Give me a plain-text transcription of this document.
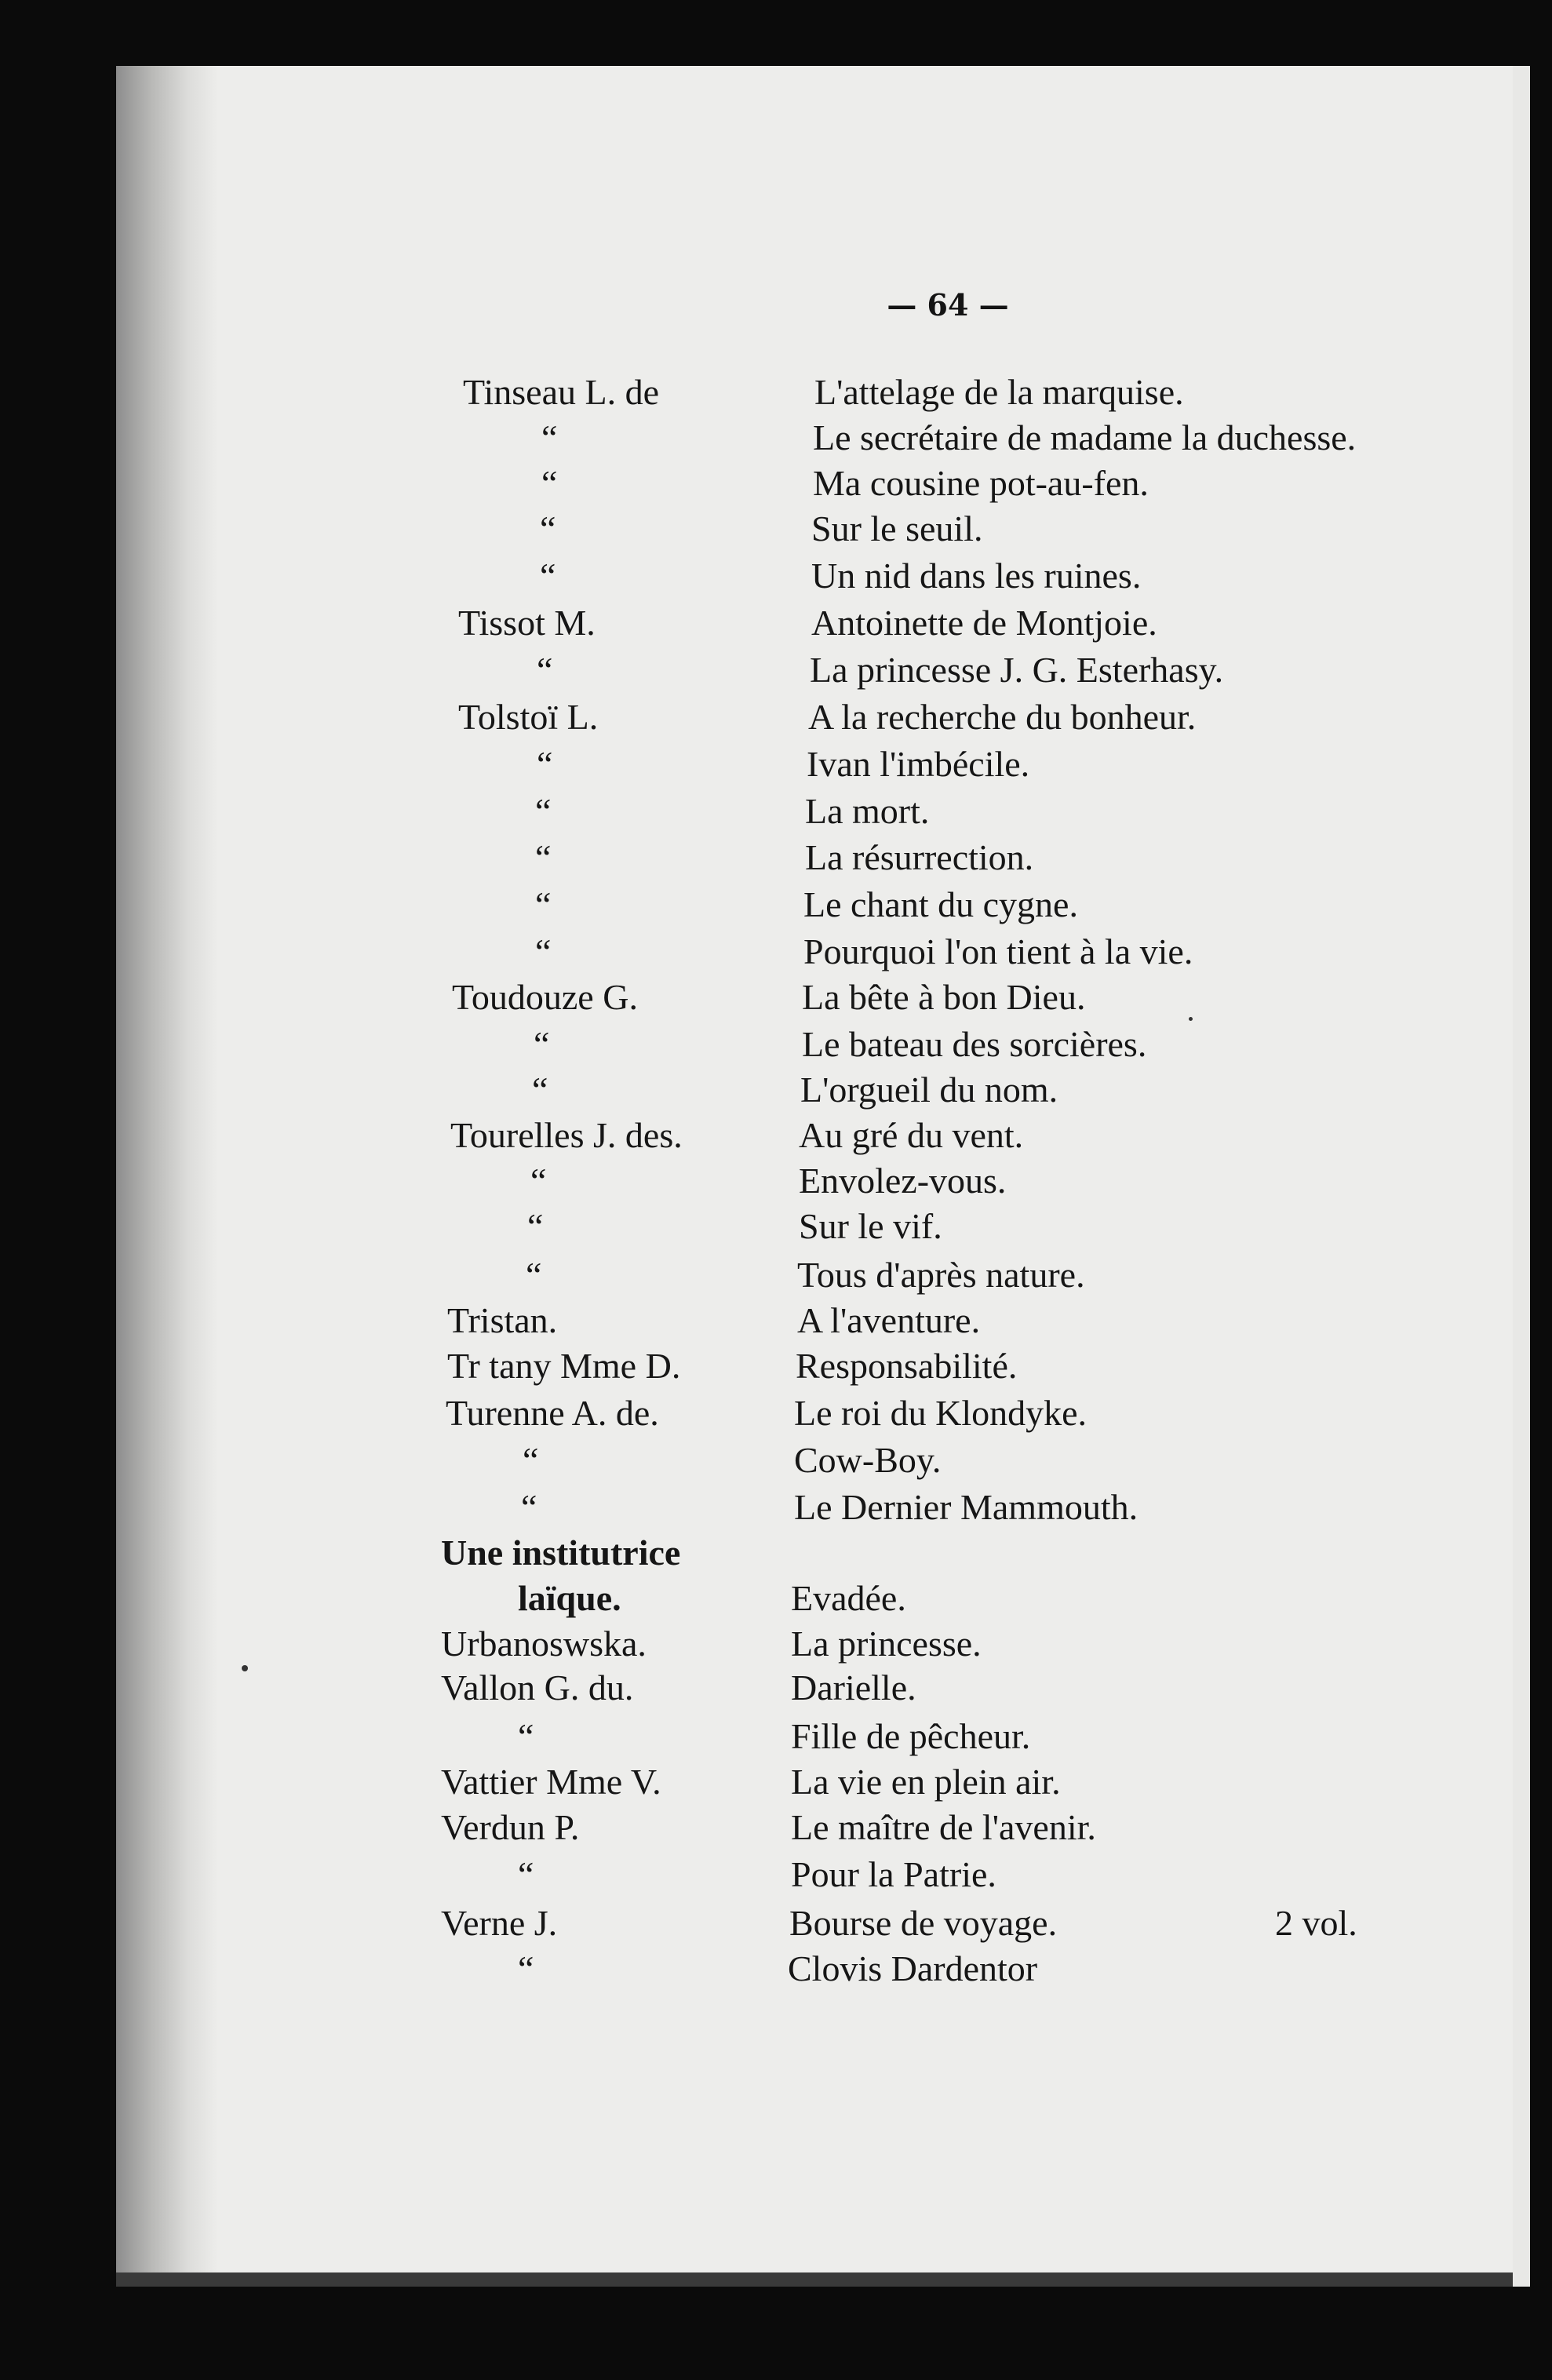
— 64 —
Tinseau L. de	L'attelage de la marquise.
“	Le secrétaire de madame la duchesse.
“	Ma cousine pot-au-fen.
“	Sur le seuil.
“	Un nid dans les ruines.
Tissot M.	Antoinette de Montjoie.
“	La princesse J. G. Esterhasy.
Tolstoï L.	A la recherche du bonheur.
“	Ivan l'imbécile.
“	La mort.
“	La résurrection.
“	Le chant du cygne.
“	Pourquoi l'on tient à la vie.
Toudouze G.	La bête à bon Dieu.
“	Le bateau des sorcières.
“	L'orgueil du nom.
Tourelles J. des.	Au gré du vent.
“	Envolez-vous.
“	Sur le vif.
“	Tous d'après nature.
Tristan.	A l'aventure.
Tr tany Mme D.	Responsabilité.
Turenne A. de.	Le roi du Klondyke.
“	Cow-Boy.
“	Le Dernier Mammouth.
Une institutrice
laïque.	Evadée.
Urbanoswska.	La princesse.
Vallon G. du.	Darielle.
“	Fille de pêcheur.
Vattier Mme V.	La vie en plein air.
Verdun P.	Le maître de l'avenir.
“	Pour la Patrie.
Verne J.	Bourse de voyage.	2 vol.
“	Clovis Dardentor
